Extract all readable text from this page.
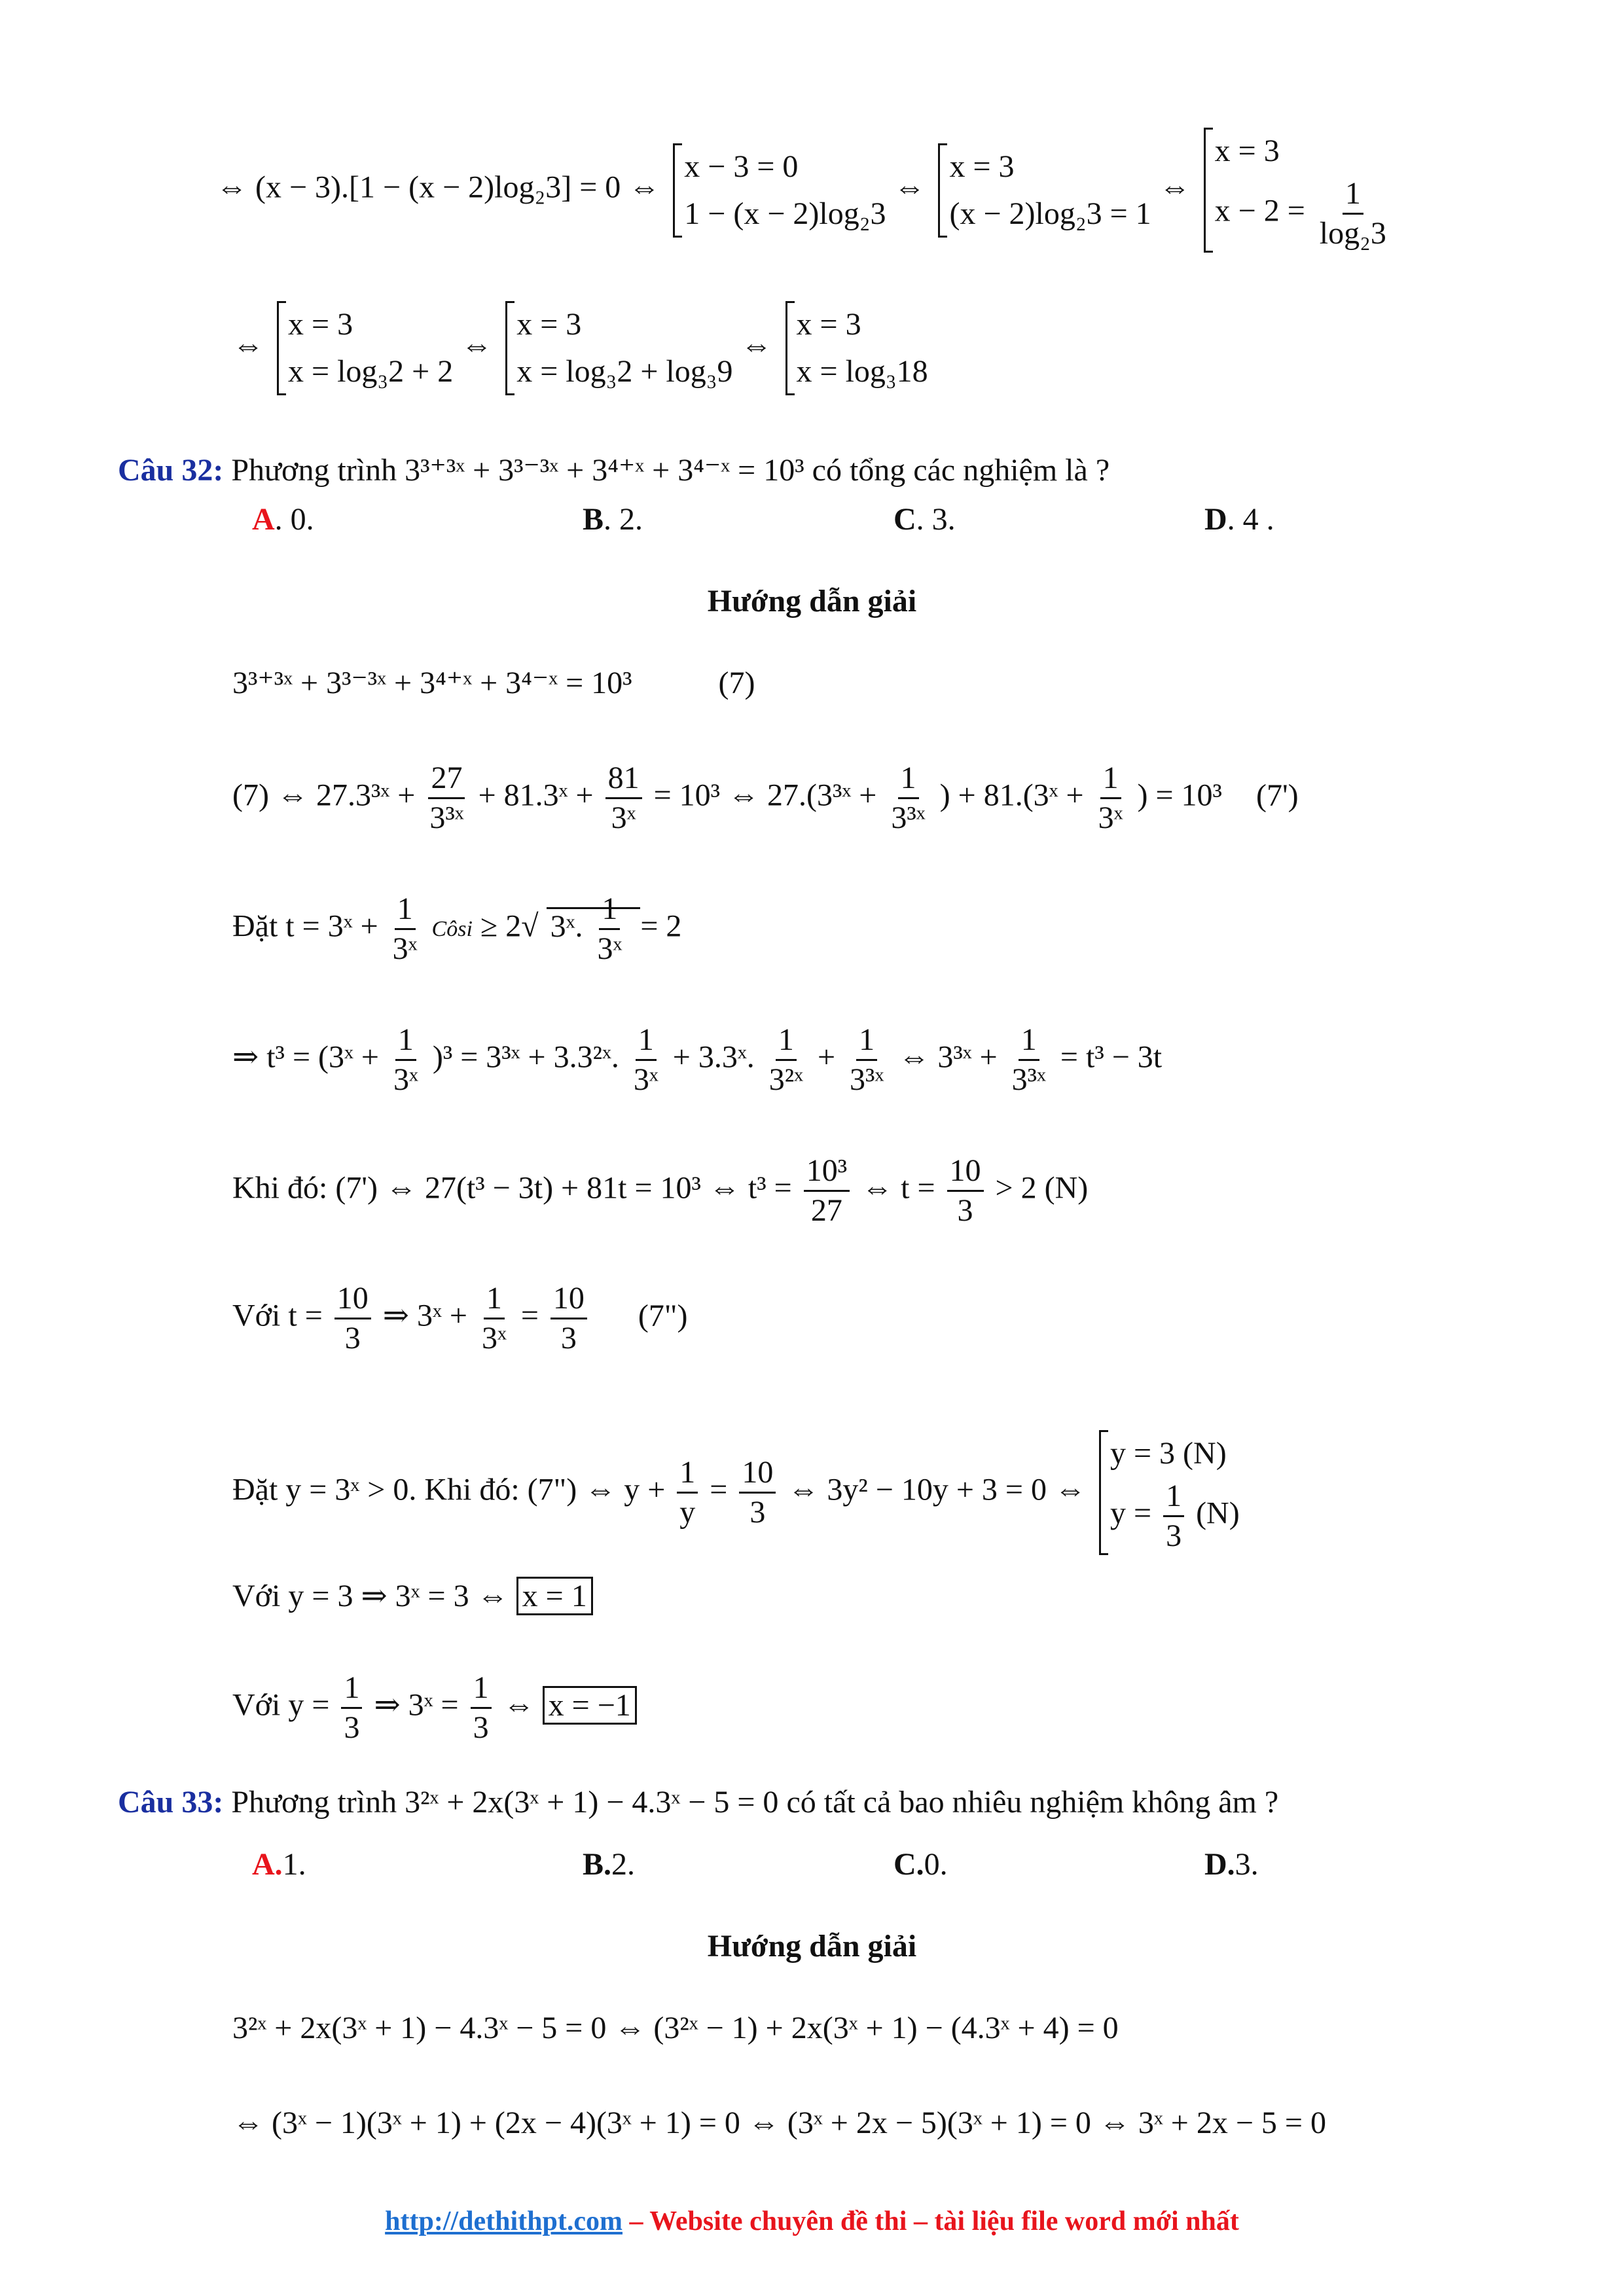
⇔ (x − 3).[1 − (x − 2)log₂3] = 0 ⇔
x − 3 = 0
1 − (x − 2)log₂3
⇔
x = 3
(x − 2)log₂3 = 1
⇔
x = 3
$x - 2 = \frac{1}{\text{log₂3}}$
⇔
x = 3
x = log₃2 + 2
⇔
x = 3
x = log₃2 + log₃9
⇔
x = 3
x = log₃18
Câu 32: Phương trình 3³⁺³ˣ + 3³⁻³ˣ + 3⁴⁺ˣ + 3⁴⁻ˣ = 10³ có tổng các nghiệm là ?
A. 0.	B. 2.	C. 3.	D. 4 .
Hướng dẫn giải
3³⁺³ˣ + 3³⁻³ˣ + 3⁴⁺ˣ + 3⁴⁻ˣ = 10³	(7)
(7) ⇔ 27.3³ˣ + $\frac{27}{\text{3³ˣ}}$ + 81.3ˣ + $\frac{81}{\text{3ˣ}} = 10^3$ ⇔ 27.(3³ˣ + $\frac{1}{\text{3³ˣ}}$ ) + 81.(3ˣ + $\frac{1}{\text{3ˣ}}$ ) = 10³ (7')
Đặt t = 3ˣ + $\frac{1}{\text{3ˣ}}$
Côsi ≥ 2√ 3ˣ. $\frac{1}{\text{3ˣ}} = 2$
⇒ t³ = (3ˣ + $\frac{1}{\text{3ˣ}} )^3$ = 3³ˣ + 3.3²ˣ. $\frac{1}{\text{3ˣ}}$ + 3.3ˣ. $\frac{1}{\text{3²ˣ}} + \frac{1}{\text{3³ˣ}}$ ⇔ 3³ˣ + $\frac{1}{\text{3³ˣ}} = t^3 - 3t$
Khi đó: (7') ⇔ 27(t³ − 3t) + 81t = 10³ ⇔ $t^3 = \frac{\text{10³}}{27}$ ⇔ $t = \frac{10}{3} > 2$ (N)
Với $t = \frac{10}{3}$ ⇒ 3ˣ + $\frac{1}{\text{3ˣ}} = \frac{10}{3}$ (7")
Đặt y = 3ˣ > 0. Khi đó: (7") ⇔ $y + \frac{1}{y} = \frac{10}{3}$ ⇔ 3y² − 10y + 3 = 0 ⇔
y = 3 (N)
$y = \frac{1}{3} (N)$
Với y = 3 ⇒ 3ˣ = 3 ⇔ x = 1
Với $y = \frac{1}{3}$ ⇒ 3ˣ = $\frac{1}{3}$ ⇔ x = −1
Câu 33: Phương trình 3²ˣ + 2x(3ˣ + 1) − 4.3ˣ − 5 = 0 có tất cả bao nhiêu nghiệm không âm ?
A.1.	B.2.	C.0.	D.3.
Hướng dẫn giải
3²ˣ + 2x(3ˣ + 1) − 4.3ˣ − 5 = 0 ⇔ (3²ˣ − 1) + 2x(3ˣ + 1) − (4.3ˣ + 4) = 0
⇔ (3ˣ − 1)(3ˣ + 1) + (2x − 4)(3ˣ + 1) = 0 ⇔ (3ˣ + 2x − 5)(3ˣ + 1) = 0 ⇔ 3ˣ + 2x − 5 = 0
http://dethithpt.com – Website chuyên đề thi – tài liệu file word mới nhất
